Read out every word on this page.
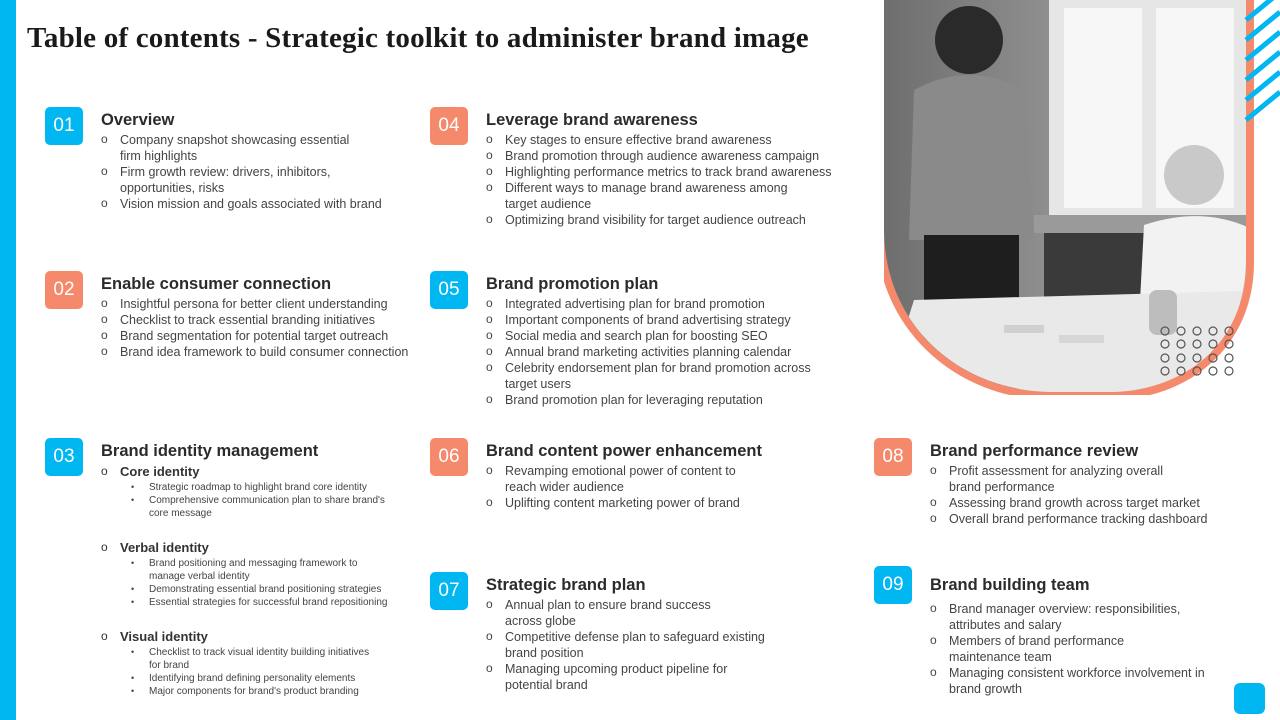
Table of contents - Strategic toolkit to administer brand image
01	Overview
o Company snapshot showcasing essential
firm highlights
o Firm growth review: drivers, inhibitors,
opportunities, risks
o Vision mission and goals associated with brand
02	Enable consumer connection
o Insightful persona for better client understanding
o Checklist to track essential branding initiatives
o Brand segmentation for potential target outreach
o Brand idea framework to build consumer connection
03	Brand identity management
o Core identity
• Strategic roadmap to highlight brand core identity
• Comprehensive communication plan to share brand's
core message
o Verbal identity
• Brand positioning and messaging framework to
manage verbal identity
• Demonstrating essential brand positioning strategies
• Essential strategies for successful brand repositioning
o Visual identity
• Checklist to track visual identity building initiatives
for brand
• Identifying brand defining personality elements
• Major components for brand's product branding
04	Leverage brand awareness
o Key stages to ensure effective brand awareness
o Brand promotion through audience awareness campaign
o Highlighting performance metrics to track brand awareness
o Different ways to manage brand awareness among
target audience
o Optimizing brand visibility for target audience outreach
05	Brand promotion plan
o Integrated advertising plan for brand promotion
o Important components of brand advertising strategy
o Social media and search plan for boosting SEO
o Annual brand marketing activities planning calendar
o Celebrity endorsement plan for brand promotion across
target users
o Brand promotion plan for leveraging reputation
06	Brand content power enhancement
o Revamping emotional power of content to
reach wider audience
o Uplifting content marketing power of brand
07	Strategic brand plan
o Annual plan to ensure brand success
across globe
o Competitive defense plan to safeguard existing
brand position
o Managing upcoming product pipeline for
potential brand
08	Brand performance review
o Profit assessment for analyzing overall
brand performance
o Assessing brand growth across target market
o Overall brand performance tracking dashboard
09	Brand building team
o Brand manager overview: responsibilities,
attributes and salary
o Members of brand performance
maintenance team
o Managing consistent workforce involvement in
brand growth
